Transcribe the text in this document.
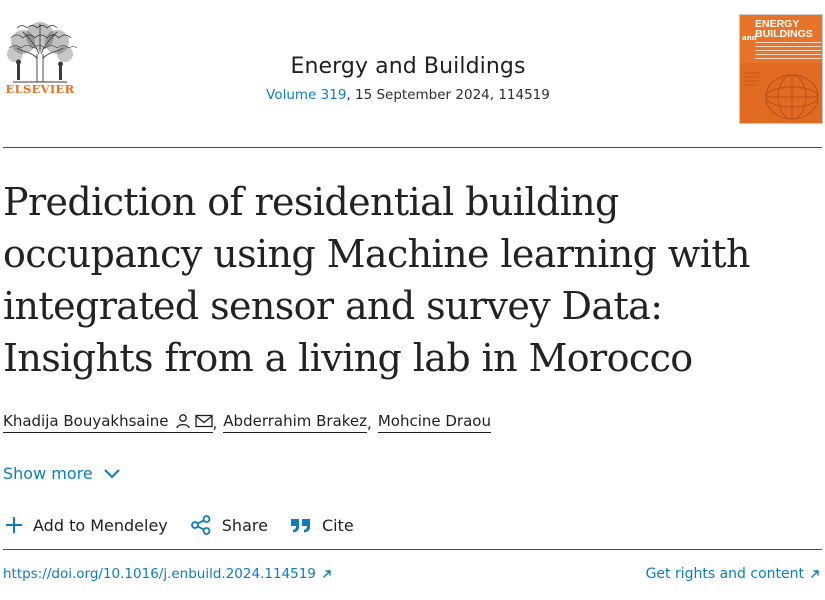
ELSEVIER
Energy and Buildings
Volume 319, 15 September 2024, 114519
and
ENERGY
BUILDINGS
Prediction of residential building occupancy using Machine learning with integrated sensor and survey Data: Insights from a living lab in Morocco
Khadija Bouyakhsaine	, Abderrahim Brakez , Mohcine Draou
Show more
Add to Mendeley	Share	Cite
https://doi.org/10.1016/j.enbuild.2024.114519	Get rights and content
